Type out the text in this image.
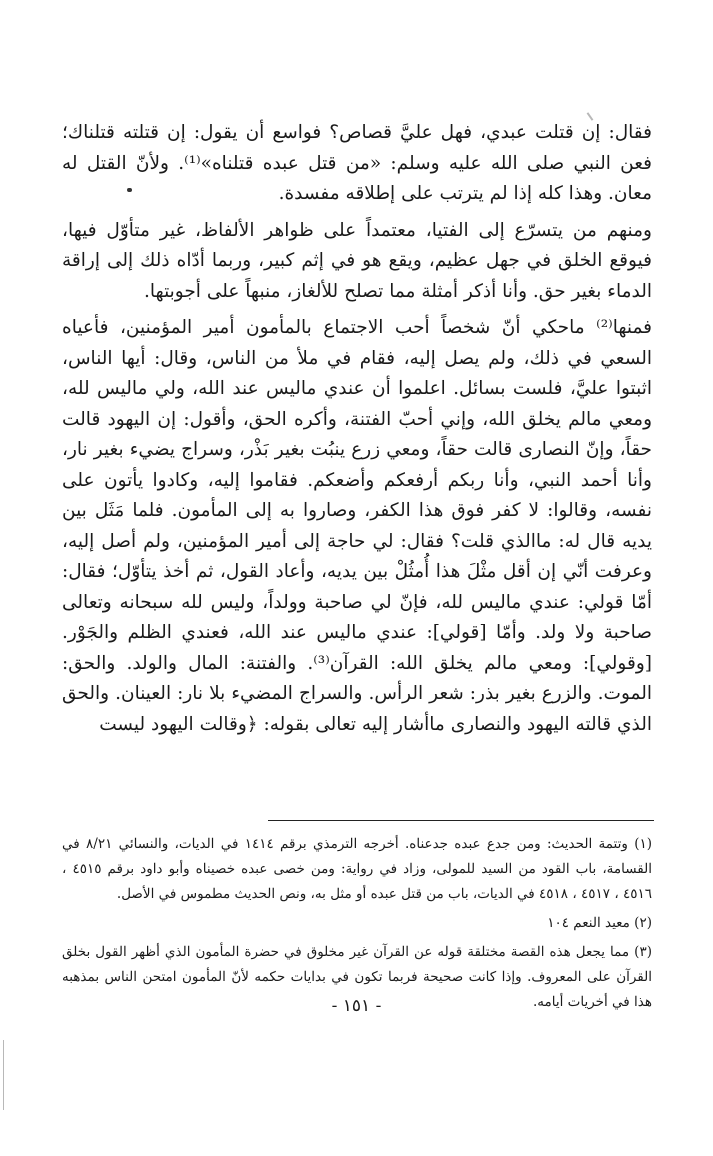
فقال: إن قتلت عبدي، فهل عليَّ قصاص؟ فواسع أن يقول: إن قتلته قتلناك؛ فعن النبي صلى الله عليه وسلم: «من قتل عبده قتلناه»⁽¹⁾. ولأنّ القتل له معان. وهذا كله إذا لم يترتب على إطلاقه مفسدة.

ومنهم من يتسرّع إلى الفتيا، معتمداً على ظواهر الألفاظ، غير متأوّل فيها، فيوقع الخلق في جهل عظيم، ويقع هو في إثم كبير، وربما أدّاه ذلك إلى إراقة الدماء بغير حق. وأنا أذكر أمثلة مما تصلح للألغاز، منبهاً على أجوبتها.

فمنها⁽²⁾ ماحكي أنّ شخصاً أحب الاجتماع بالمأمون أمير المؤمنين، فأعياه السعي في ذلك، ولم يصل إليه، فقام في ملأ من الناس، وقال: أيها الناس، اثبتوا عليَّ، فلست بسائل. اعلموا أن عندي ماليس عند الله، ولي ماليس لله، ومعي مالم يخلق الله، وإني أحبّ الفتنة، وأكره الحق، وأقول: إن اليهود قالت حقاً، وإنّ النصارى قالت حقاً، ومعي زرع ينبُت بغير بَذْر، وسراج يضيء بغير نار، وأنا أحمد النبي، وأنا ربكم أرفعكم وأضعكم. فقاموا إليه، وكادوا يأتون على نفسه، وقالوا: لا كفر فوق هذا الكفر، وصاروا به إلى المأمون. فلما مَثَل بين يديه قال له: ماالذي قلت؟ فقال: لي حاجة إلى أمير المؤمنين، ولم أصل إليه، وعرفت أنّي إن أقل مثْلَ هذا أُمثُلْ بين يديه، وأعاد القول، ثم أخذ يتأوّل؛ فقال: أمّا قولي: عندي ماليس لله، فإنّ لي صاحبة وولداً، وليس لله سبحانه وتعالى صاحبة ولا ولد. وأمّا [قولي]: عندي ماليس عند الله، فعندي الظلم والجَوْر. [وقولي]: ومعي مالم يخلق الله: القرآن⁽³⁾. والفتنة: المال والولد. والحق: الموت. والزرع بغير بذر: شعر الرأس. والسراج المضيء بلا نار: العينان. والحق الذي قالته اليهود والنصارى ماأشار إليه تعالى بقوله: ﴿وقالت اليهود ليست

(١) وتتمة الحديث: ومن جدع عبده جدعناه. أخرجه الترمذي برقم ١٤١٤ في الديات، والنسائي ٨/٢١ في القسامة، باب القود من السيد للمولى، وزاد في رواية: ومن خصى عبده خصيناه وأبو داود برقم ٤٥١٥ ، ٤٥١٦ ، ٤٥١٧ ، ٤٥١٨ في الديات، باب من قتل عبده أو مثل به، ونص الحديث مطموس في الأصل.

(٢) معيد النعم ١٠٤

(٣) مما يجعل هذه القصة مختلقة قوله عن القرآن غير مخلوق في حضرة المأمون الذي أظهر القول بخلق القرآن على المعروف. وإذا كانت صحيحة فربما تكون في بدايات حكمه لأنّ المأمون امتحن الناس بمذهبه هذا في أخريات أيامه.

- ١٥١ -
